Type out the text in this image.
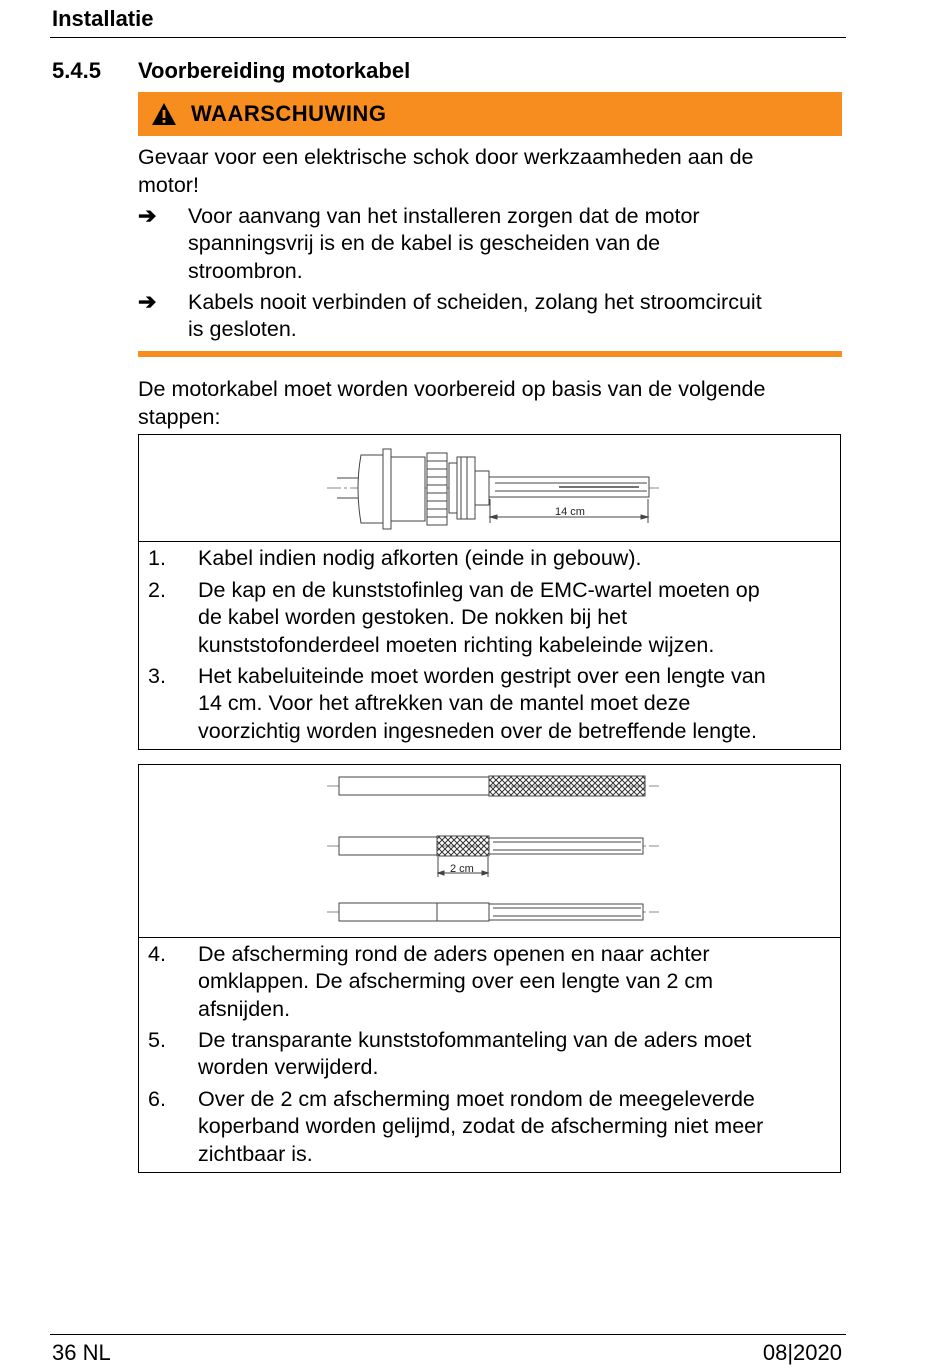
Installatie
5.4.5 Voorbereiding motorkabel
WAARSCHUWING
Gevaar voor een elektrische schok door werkzaamheden aan de
motor!
➔ Voor aanvang van het installeren zorgen dat de motor
spanningsvrij is en de kabel is gescheiden van de
stroombron.
➔ Kabels nooit verbinden of scheiden, zolang het stroomcircuit
is gesloten.
De motorkabel moet worden voorbereid op basis van de volgende
stappen:
14 cm
1. Kabel indien nodig afkorten (einde in gebouw).
2. De kap en de kunststofinleg van de EMC-wartel moeten op
de kabel worden gestoken. De nokken bij het
kunststofonderdeel moeten richting kabeleinde wijzen.
3. Het kabeluiteinde moet worden gestript over een lengte van
14 cm. Voor het aftrekken van de mantel moet deze
voorzichtig worden ingesneden over de betreffende lengte.
2 cm
4. De afscherming rond de aders openen en naar achter
omklappen. De afscherming over een lengte van 2 cm
afsnijden.
5. De transparante kunststofommanteling van de aders moet
worden verwijderd.
6. Over de 2 cm afscherming moet rondom de meegeleverde
koperband worden gelijmd, zodat de afscherming niet meer
zichtbaar is.
36 NL	08|2020
